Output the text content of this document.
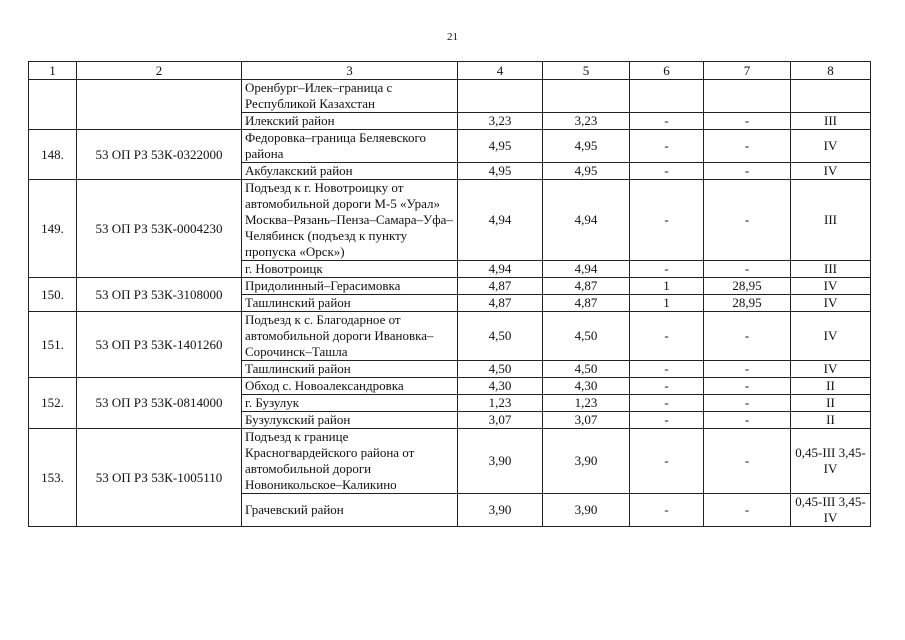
21
1	2	3	4	5	6	7	8
		Оренбург–Илек–граница с Республикой Казахстан					
		Илекский район	3,23	3,23	-	-	III
148.	53 ОП РЗ 53К-0322000	Федоровка–граница Беляевского района	4,95	4,95	-	-	IV
		Акбулакский район	4,95	4,95	-	-	IV
149.	53 ОП РЗ 53К-0004230	Подъезд к г. Новотроицку от автомобильной дороги М-5 «Урал» Москва–Рязань–Пенза–Самара–Уфа–Челябинск (подъезд к пункту пропуска «Орск»)	4,94	4,94	-	-	III
		г. Новотроицк	4,94	4,94	-	-	III
150.	53 ОП РЗ 53К-3108000	Придолинный–Герасимовка	4,87	4,87	1	28,95	IV
		Ташлинский район	4,87	4,87	1	28,95	IV
151.	53 ОП РЗ 53К-1401260	Подъезд к с. Благодарное от автомобильной дороги Ивановка–Сорочинск–Ташла	4,50	4,50	-	-	IV
		Ташлинский район	4,50	4,50	-	-	IV
152.	53 ОП РЗ 53К-0814000	Обход с. Новоалександровка	4,30	4,30	-	-	II
		г. Бузулук	1,23	1,23	-	-	II
		Бузулукский район	3,07	3,07	-	-	II
153.	53 ОП РЗ 53К-1005110	Подъезд к границе Красногвардейского района от автомобильной дороги Новоникольское–Каликино	3,90	3,90	-	-	0,45-III 3,45-IV
		Грачевский район	3,90	3,90	-	-	0,45-III 3,45-IV
